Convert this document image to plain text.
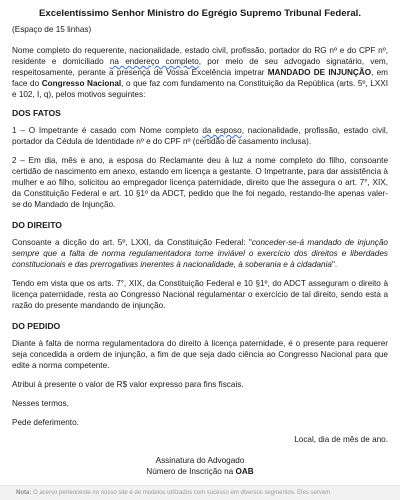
Excelentíssimo Senhor Ministro do Egrégio Supremo Tribunal Federal.

(Espaço de 15 linhas)

Nome completo do requerente, nacionalidade, estado civil, profissão, portador do RG nº e do CPF nº, residente e domiciliado na endereço completo, por meio de seu advogado signatário, vem, respeitosamente, perante a presença de Vossa Excelência impetrar MANDADO DE INJUNÇÃO, em face do Congresso Nacional, o que faz com fundamento na Constituição da República (arts. 5º, LXXI e 102, I, q), pelos motivos seguintes:

DOS FATOS

1 – O Impetrante é casado com Nome completo da esposo, nacionalidade, profissão, estado civil, portador da Cédula de Identidade nº e do CPF nº (certidão de casamento inclusa).

2 – Em dia, mês e ano, a esposa do Reclamante deu à luz a nome completo do filho, consoante certidão de nascimento em anexo, estando em licença a gestante. O Impetrante, para dar assistência à mulher e ao filho, solicitou ao empregador licença paternidade, direito que lhe assegura o art. 7°, XIX, da Constituição Federal e art. 10 §1º da ADCT, pedido que lhe foi negado, restando-lhe apenas valer-se do Mandado de Injunção.

DO DIREITO

Consoante a dicção do art. 5º, LXXI, da Constituição Federal: "conceder-se-á mandado de injunção sempre que a falta de norma regulamentadora torne inviável o exercício dos direitos e liberdades constitucionais e das prerrogativas inerentes à nacionalidade, à soberania e à cidadania".

Tendo em vista que os arts. 7°, XIX, da Constituição Federal e 10 §1º, do ADCT asseguram o direito à licença paternidade, resta ao Congresso Nacional regulamentar o exercício de tal direito, sendo esta a razão do presente mandando de injunção.

DO PEDIDO

Diante à falta de norma regulamentadora do direito à licença paternidade, é o presente para requerer seja concedida a ordem de injunção, a fim de que seja dado ciência ao Congresso Nacional para que edite a norma competente.

Atribui à presente o valor de R$ valor expresso para fins fiscais.

Nesses termos,

Pede deferimento.

Local, dia de mês de ano.

Assinatura do Advogado
Número de Inscrição na OAB
Nota: O acervo pertencente no nosso site é de modelos utilizados com sucesso em diversos segmentos. Eles servem
